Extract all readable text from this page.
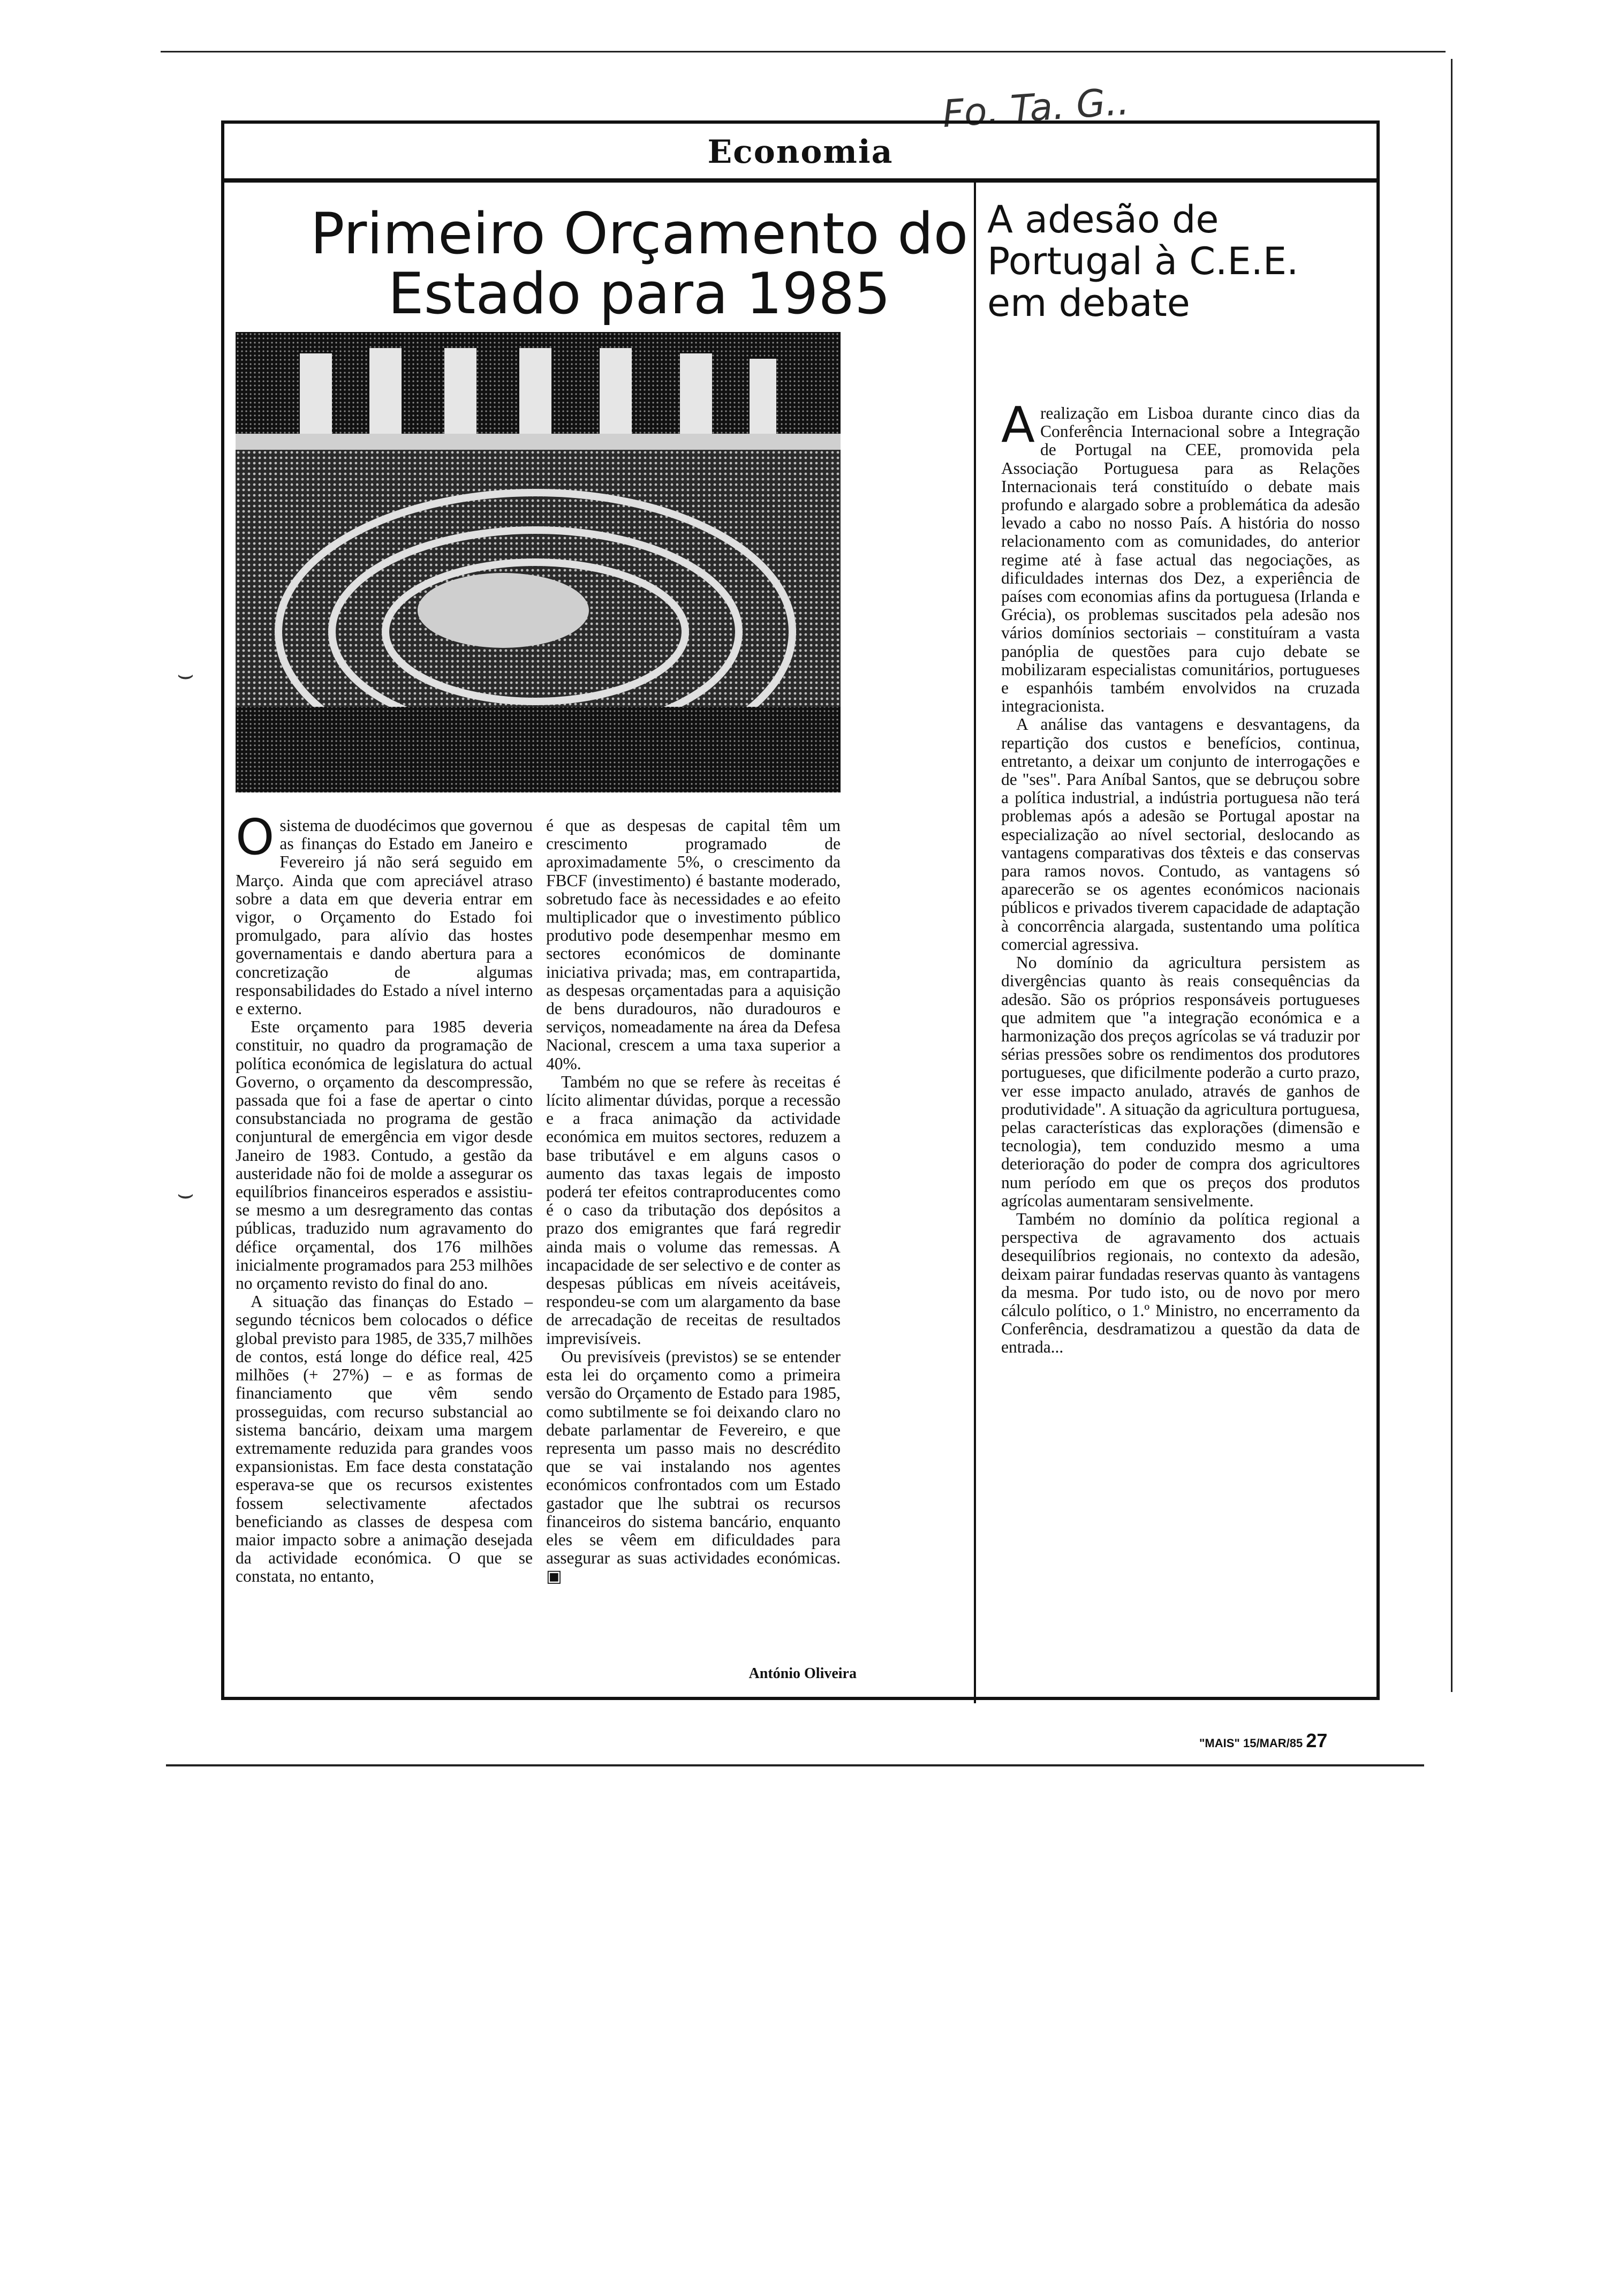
Fo. Ta. G..
Economia
Primeiro Orçamento do Estado para 1985
A adesão de Portugal à C.E.E. em debate

Osistema de duodécimos que governou as finanças do Estado em Janeiro e Fevereiro já não será seguido em Março. Ainda que com apreciável atraso sobre a data em que deveria entrar em vigor, o Orçamento do Estado foi promulgado, para alívio das hostes governamentais e dando abertura para a concretização de algumas responsabilidades do Estado a nível interno e externo.

Este orçamento para 1985 deveria constituir, no quadro da programação de política económica de legislatura do actual Governo, o orçamento da descompressão, passada que foi a fase de apertar o cinto consubstanciada no programa de gestão conjuntural de emergência em vigor desde Janeiro de 1983. Contudo, a gestão da austeridade não foi de molde a assegurar os equilíbrios financeiros esperados e assistiu-se mesmo a um desregramento das contas públicas, traduzido num agravamento do défice orçamental, dos 176 milhões inicialmente programados para 253 milhões no orçamento revisto do final do ano.

A situação das finanças do Estado – segundo técnicos bem colocados o défice global previsto para 1985, de 335,7 milhões de contos, está longe do défice real, 425 milhões (+ 27%) – e as formas de financiamento que vêm sendo prosseguidas, com recurso substancial ao sistema bancário, deixam uma margem extremamente reduzida para grandes voos expansionistas. Em face desta constatação esperava-se que os recursos existentes fossem selectivamente afectados beneficiando as classes de despesa com maior impacto sobre a animação desejada da actividade económica. O que se constata, no entanto,

é que as despesas de capital têm um crescimento programado de aproximadamente 5%, o crescimento da FBCF (investimento) é bastante moderado, sobretudo face às necessidades e ao efeito multiplicador que o investimento público produtivo pode desempenhar mesmo em sectores económicos de dominante iniciativa privada; mas, em contrapartida, as despesas orçamentadas para a aquisição de bens duradouros, não duradouros e serviços, nomeadamente na área da Defesa Nacional, crescem a uma taxa superior a 40%.

Também no que se refere às receitas é lícito alimentar dúvidas, porque a recessão e a fraca animação da actividade económica em muitos sectores, reduzem a base tributável e em alguns casos o aumento das taxas legais de imposto poderá ter efeitos contraproducentes como é o caso da tributação dos depósitos a prazo dos emigrantes que fará regredir ainda mais o volume das remessas. A incapacidade de ser selectivo e de conter as despesas públicas em níveis aceitáveis, respondeu-se com um alargamento da base de arrecadação de receitas de resultados imprevisíveis.

Ou previsíveis (previstos) se se entender esta lei do orçamento como a primeira versão do Orçamento de Estado para 1985, como subtilmente se foi deixando claro no debate parlamentar de Fevereiro, e que representa um passo mais no descrédito que se vai instalando nos agentes económicos confrontados com um Estado gastador que lhe subtrai os recursos financeiros do sistema bancário, enquanto eles se vêem em dificuldades para assegurar as suas actividades económicas. ▣

António Oliveira

Arealização em Lisboa durante cinco dias da Conferência Internacional sobre a Integração de Portugal na CEE, promovida pela Associação Portuguesa para as Relações Internacionais terá constituído o debate mais profundo e alargado sobre a problemática da adesão levado a cabo no nosso País. A história do nosso relacionamento com as comunidades, do anterior regime até à fase actual das negociações, as dificuldades internas dos Dez, a experiência de países com economias afins da portuguesa (Irlanda e Grécia), os problemas suscitados pela adesão nos vários domínios sectoriais – constituíram a vasta panóplia de questões para cujo debate se mobilizaram especialistas comunitários, portugueses e espanhóis também envolvidos na cruzada integracionista.

A análise das vantagens e desvantagens, da repartição dos custos e benefícios, continua, entretanto, a deixar um conjunto de interrogações e de "ses". Para Aníbal Santos, que se debruçou sobre a política industrial, a indústria portuguesa não terá problemas após a adesão se Portugal apostar na especialização ao nível sectorial, deslocando as vantagens comparativas dos têxteis e das conservas para ramos novos. Contudo, as vantagens só aparecerão se os agentes económicos nacionais públicos e privados tiverem capacidade de adaptação à concorrência alargada, sustentando uma política comercial agressiva.

No domínio da agricultura persistem as divergências quanto às reais consequências da adesão. São os próprios responsáveis portugueses que admitem que "a integração económica e a harmonização dos preços agrícolas se vá traduzir por sérias pressões sobre os rendimentos dos produtores portugueses, que dificilmente poderão a curto prazo, ver esse impacto anulado, através de ganhos de produtividade". A situação da agricultura portuguesa, pelas características das explorações (dimensão e tecnologia), tem conduzido mesmo a uma deterioração do poder de compra dos agricultores num período em que os preços dos produtos agrícolas aumentaram sensivelmente.

Também no domínio da política regional a perspectiva de agravamento dos actuais desequilíbrios regionais, no contexto da adesão, deixam pairar fundadas reservas quanto às vantagens da mesma. Por tudo isto, ou de novo por mero cálculo político, o 1.º Ministro, no encerramento da Conferência, desdramatizou a questão da data de entrada...

"MAIS" 15/MAR/85 27
⌣
⌣
